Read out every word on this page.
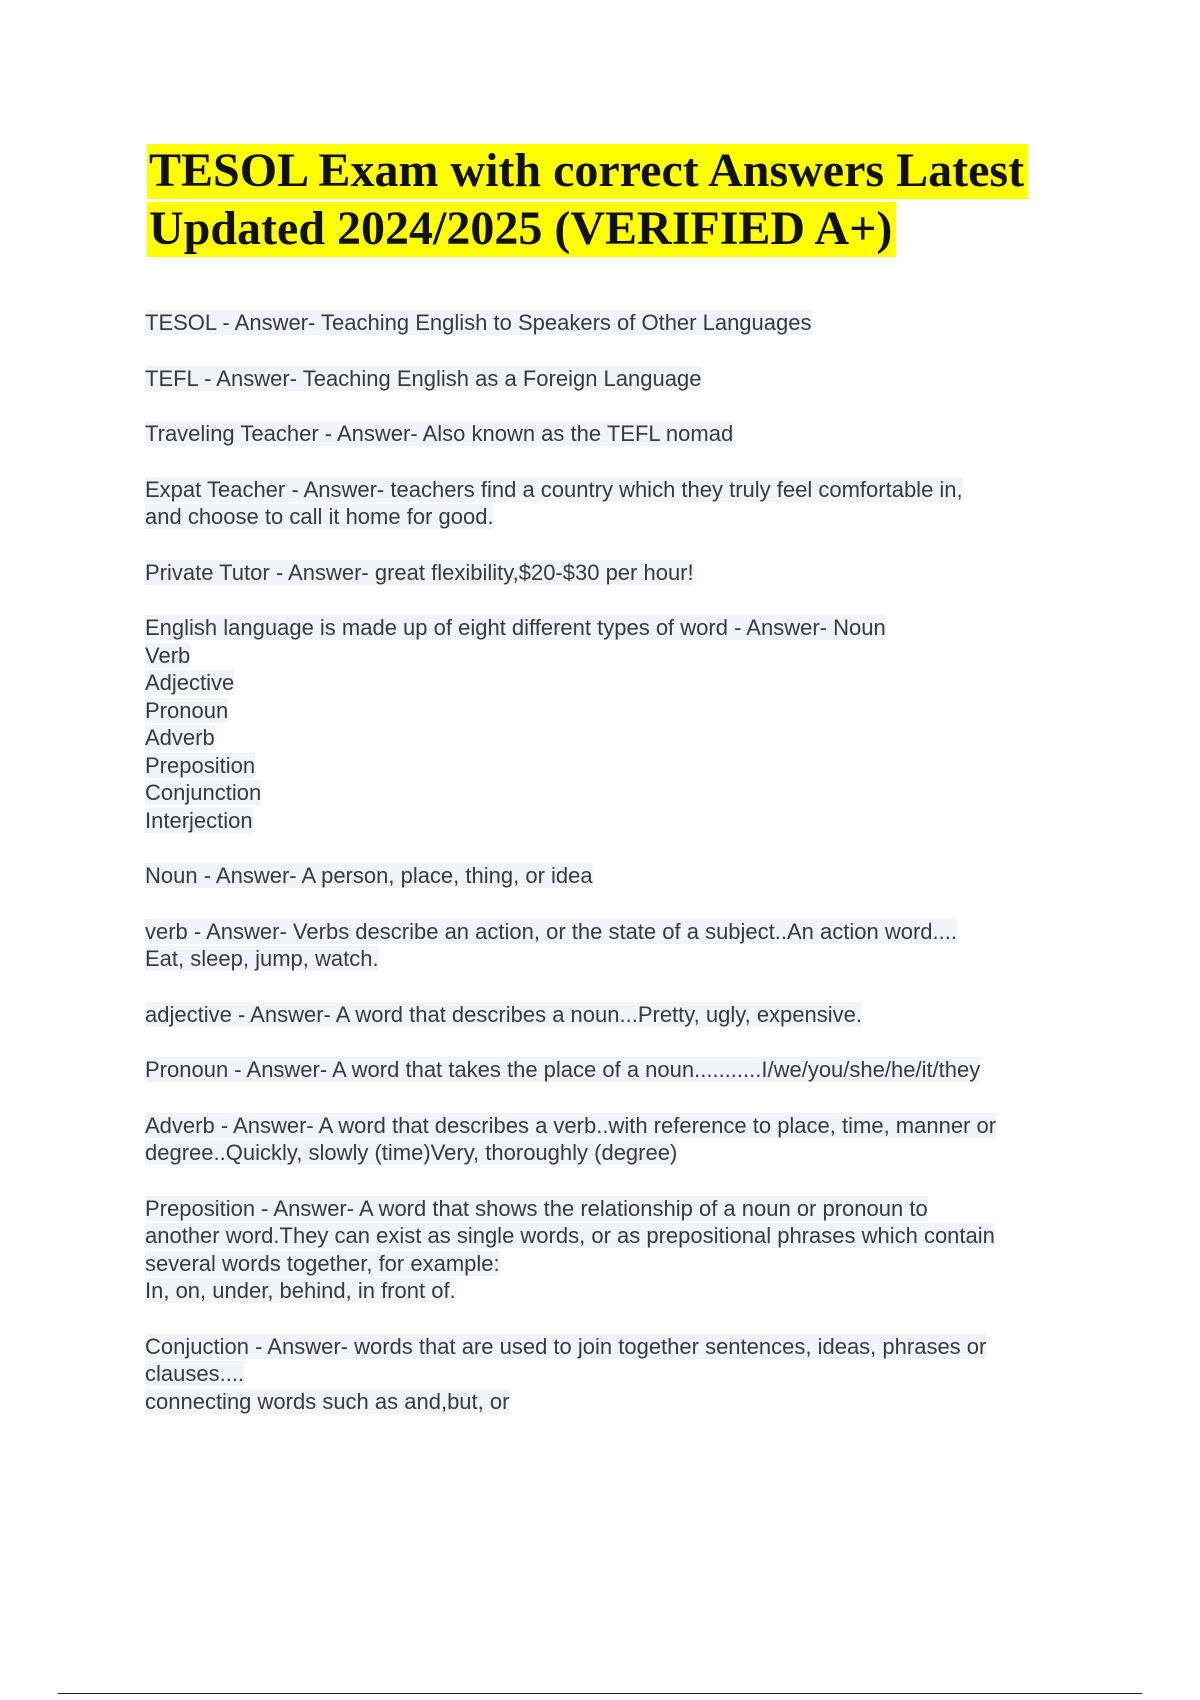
TESOL Exam with correct Answers Latest Updated 2024/2025 (VERIFIED A+)
TESOL - Answer- Teaching English to Speakers of Other Languages
TEFL - Answer- Teaching English as a Foreign Language
Traveling Teacher - Answer- Also known as the TEFL nomad
Expat Teacher - Answer- teachers find a country which they truly feel comfortable in,
and choose to call it home for good.
Private Tutor - Answer- great flexibility,$20-$30 per hour!
English language is made up of eight different types of word - Answer- Noun
Verb
Adjective
Pronoun
Adverb
Preposition
Conjunction
Interjection
Noun - Answer- A person, place, thing, or idea
verb - Answer- Verbs describe an action, or the state of a subject..An action word....
Eat, sleep, jump, watch.
adjective - Answer- A word that describes a noun...Pretty, ugly, expensive.
Pronoun - Answer- A word that takes the place of a noun...........I/we/you/she/he/it/they
Adverb - Answer- A word that describes a verb..with reference to place, time, manner or
degree..Quickly, slowly (time)Very, thoroughly (degree)
Preposition - Answer- A word that shows the relationship of a noun or pronoun to
another word.They can exist as single words, or as prepositional phrases which contain
several words together, for example:
In, on, under, behind, in front of.
Conjuction - Answer- words that are used to join together sentences, ideas, phrases or
clauses....
connecting words such as and,but, or
